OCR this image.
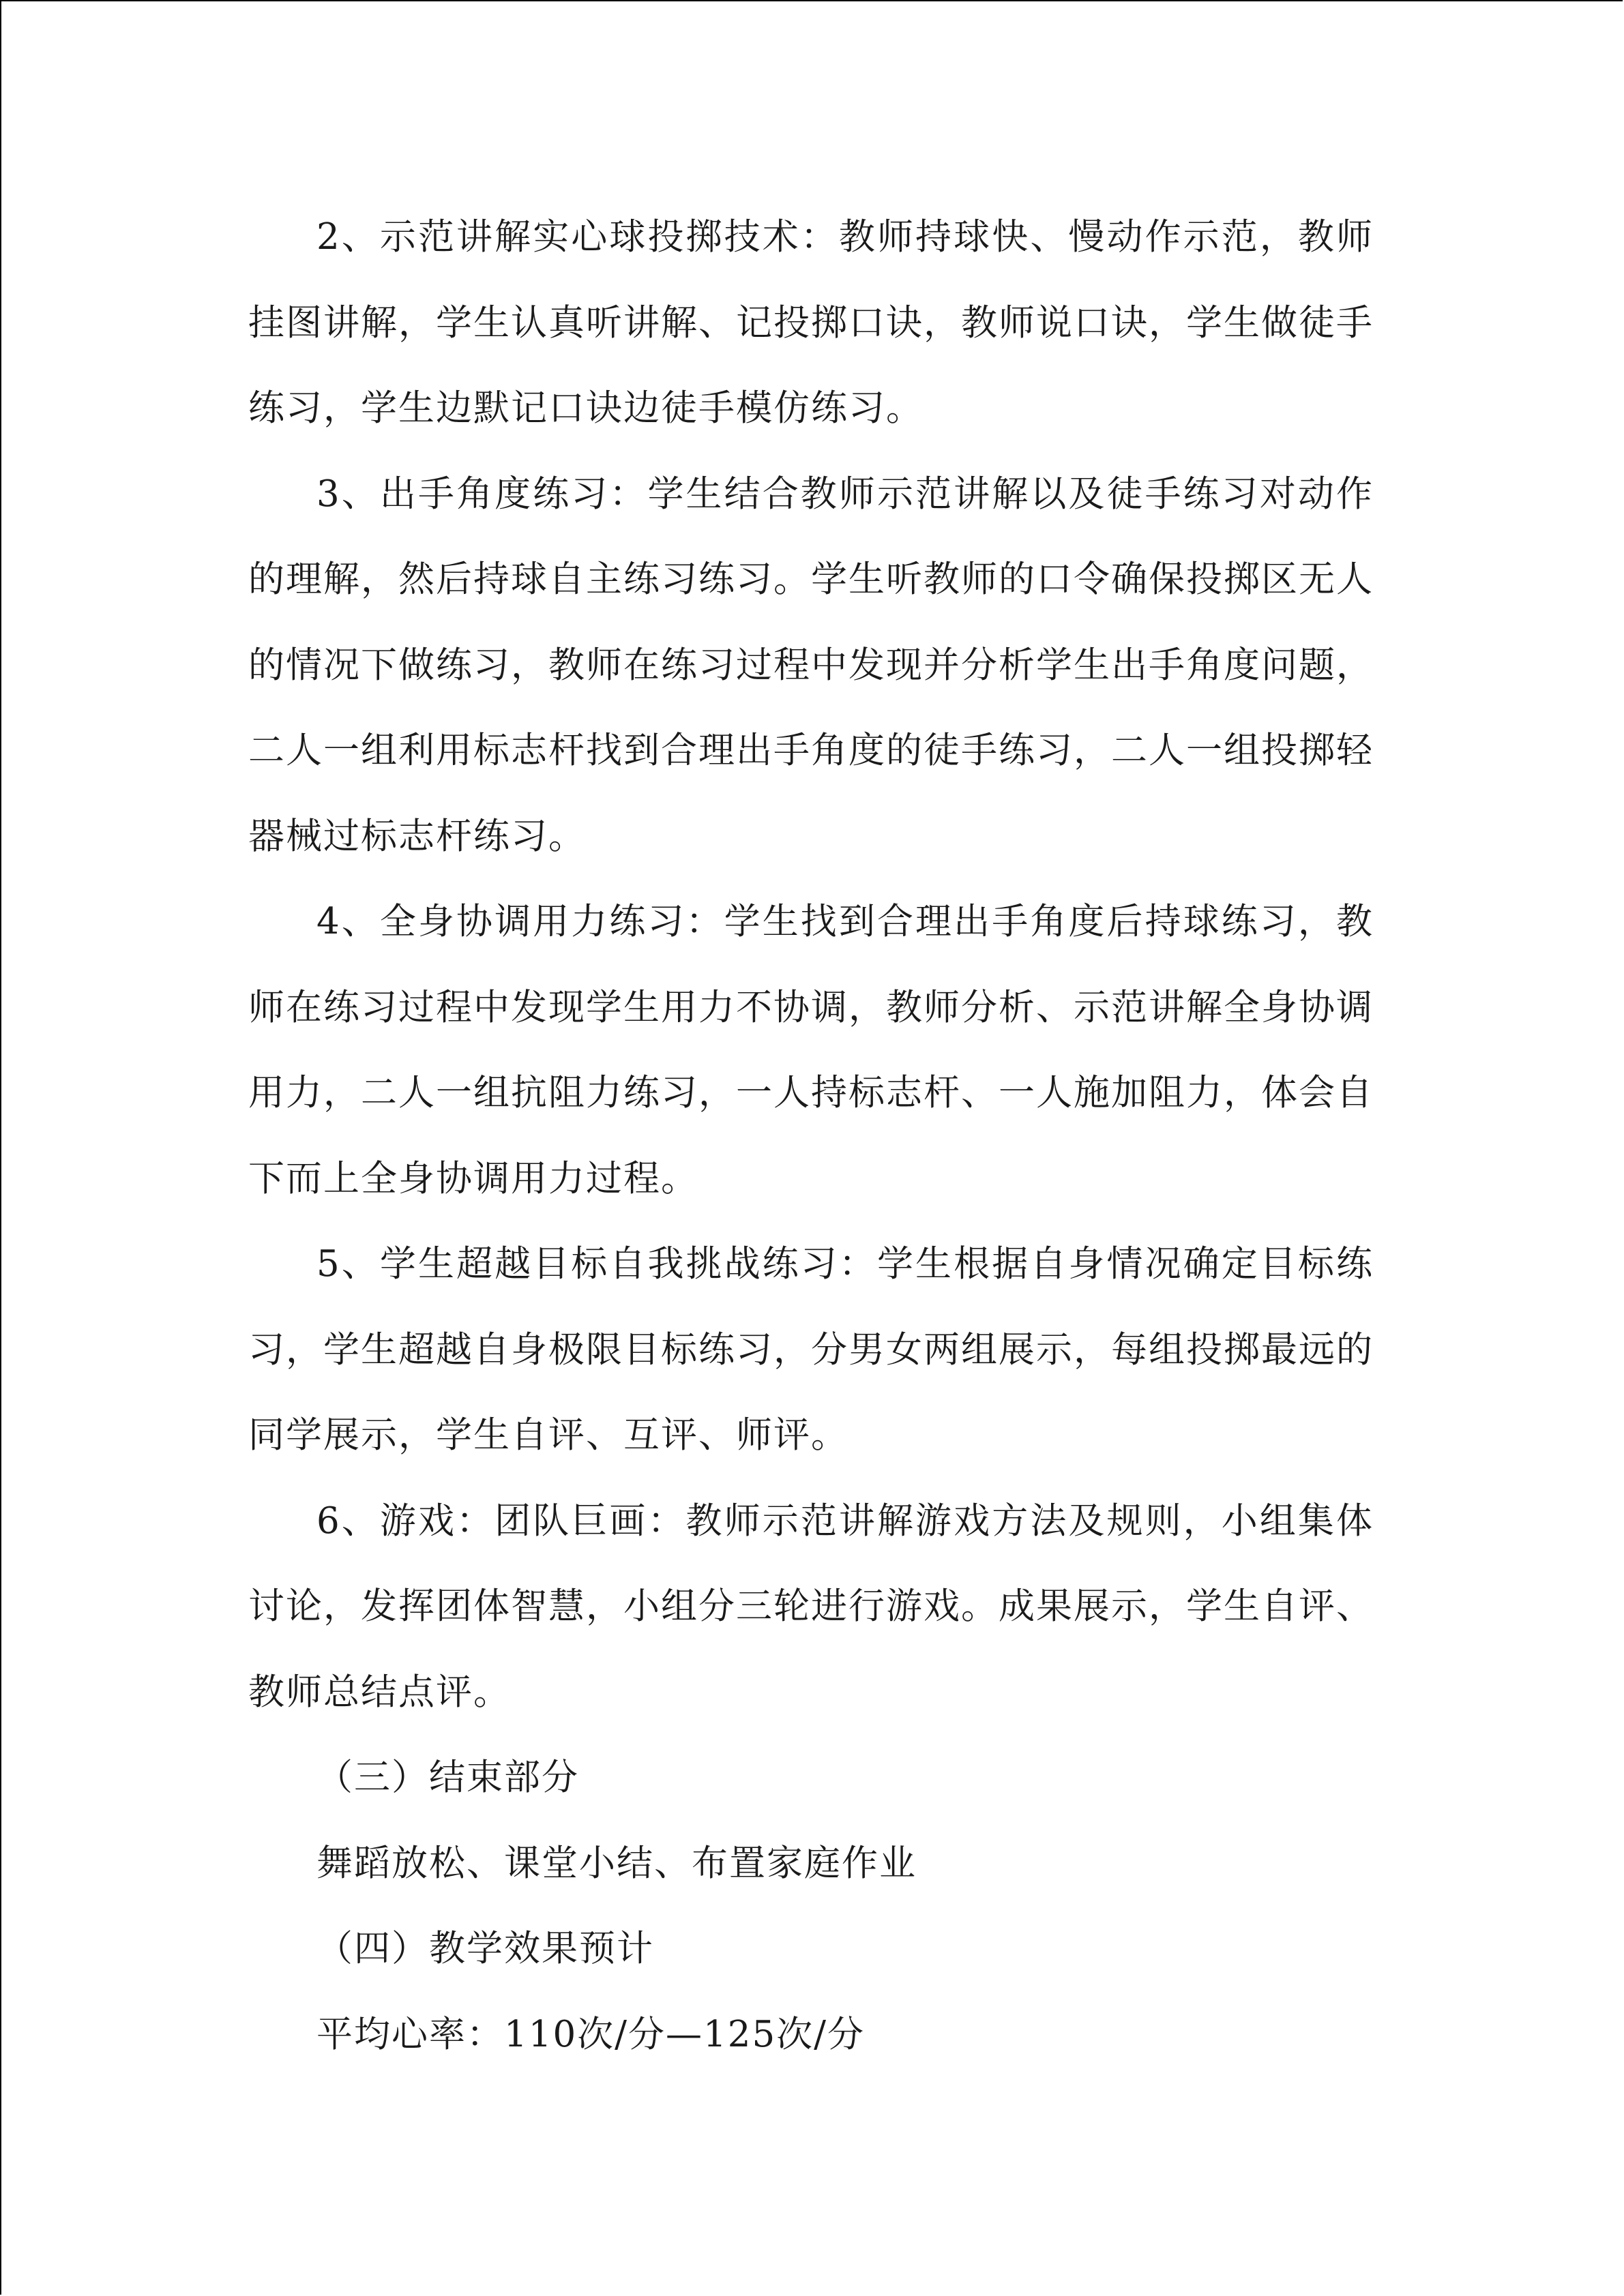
2、示范讲解实心球投掷技术：教师持球快、慢动作示范，教师挂图讲解，学生认真听讲解、记投掷口诀，教师说口诀，学生做徒手练习，学生边默记口诀边徒手模仿练习。

3、出手角度练习：学生结合教师示范讲解以及徒手练习对动作的理解，然后持球自主练习练习。学生听教师的口令确保投掷区无人的情况下做练习，教师在练习过程中发现并分析学生出手角度问题，二人一组利用标志杆找到合理出手角度的徒手练习，二人一组投掷轻器械过标志杆练习。

4、全身协调用力练习：学生找到合理出手角度后持球练习，教师在练习过程中发现学生用力不协调，教师分析、示范讲解全身协调用力，二人一组抗阻力练习，一人持标志杆、一人施加阻力，体会自下而上全身协调用力过程。

5、学生超越目标自我挑战练习：学生根据自身情况确定目标练习，学生超越自身极限目标练习，分男女两组展示，每组投掷最远的同学展示，学生自评、互评、师评。

6、游戏：团队巨画：教师示范讲解游戏方法及规则，小组集体讨论，发挥团体智慧，小组分三轮进行游戏。成果展示，学生自评、教师总结点评。

（三）结束部分

舞蹈放松、课堂小结、布置家庭作业

（四）教学效果预计

平均心率：110次/分—125次/分
